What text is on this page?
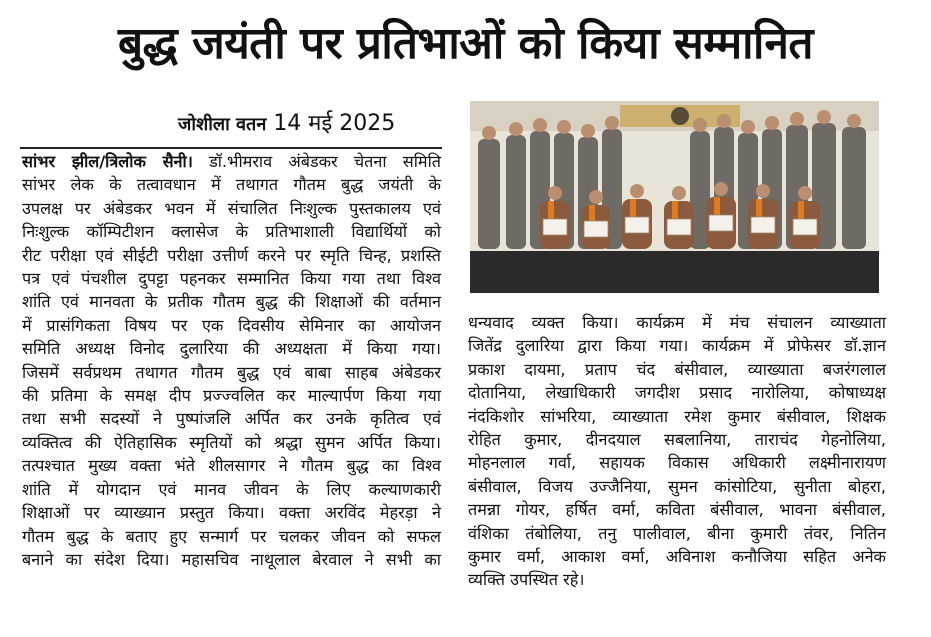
बुद्ध जयंती पर प्रतिभाओं को किया सम्मानित
जोशीला वतन 14 मई 2025

सांभर झील/त्रिलोक सैनी। डॉ.भीमराव अंबेडकर चेतना समिति

सांभर लेक के तत्वावधान में तथागत गौतम बुद्ध जयंती के

उपलक्ष पर अंबेडकर भवन में संचालित निःशुल्क पुस्तकालय एवं

निःशुल्क कॉम्पिटीशन क्लासेज के प्रतिभाशाली विद्यार्थियों को

रीट परीक्षा एवं सीईटी परीक्षा उत्तीर्ण करने पर स्मृति चिन्ह, प्रशस्ति

पत्र एवं पंचशील दुपट्टा पहनकर सम्मानित किया गया तथा विश्व

शांति एवं मानवता के प्रतीक गौतम बुद्ध की शिक्षाओं की वर्तमान

में प्रासंगिकता विषय पर एक दिवसीय सेमिनार का आयोजन

समिति अध्यक्ष विनोद दुलारिया की अध्यक्षता में किया गया।

जिसमें सर्वप्रथम तथागत गौतम बुद्ध एवं बाबा साहब अंबेडकर

की प्रतिमा के समक्ष दीप प्रज्ज्वलित कर माल्यार्पण किया गया

तथा सभी सदस्यों ने पुष्पांजलि अर्पित कर उनके कृतित्व एवं

व्यक्तित्व की ऐतिहासिक स्मृतियों को श्रद्धा सुमन अर्पित किया।

तत्पश्चात मुख्य वक्ता भंते शीलसागर ने गौतम बुद्ध का विश्व

शांति में योगदान एवं मानव जीवन के लिए कल्याणकारी

शिक्षाओं पर व्याख्यान प्रस्तुत किया। वक्ता अरविंद मेहरड़ा ने

गौतम बुद्ध के बताए हुए सन्मार्ग पर चलकर जीवन को सफल

बनाने का संदेश दिया। महासचिव नाथूलाल बेरवाल ने सभी का

धन्यवाद व्यक्त किया। कार्यक्रम में मंच संचालन व्याख्याता

जितेंद्र दुलारिया द्वारा किया गया। कार्यक्रम में प्रोफेसर डॉ.ज्ञान

प्रकाश दायमा, प्रताप चंद बंसीवाल, व्याख्याता बजरंगलाल

दोतानिया, लेखाधिकारी जगदीश प्रसाद नारोलिया, कोषाध्यक्ष

नंदकिशोर सांभरिया, व्याख्याता रमेश कुमार बंसीवाल, शिक्षक

रोहित कुमार, दीनदयाल सबलानिया, ताराचंद गेहनोलिया,

मोहनलाल गर्वा, सहायक विकास अधिकारी लक्ष्मीनारायण

बंसीवाल, विजय उज्जैनिया, सुमन कांसोटिया, सुनीता बोहरा,

तमन्ना गोयर, हर्षित वर्मा, कविता बंसीवाल, भावना बंसीवाल,

वंशिका तंबोलिया, तनु पालीवाल, बीना कुमारी तंवर, नितिन

कुमार वर्मा, आकाश वर्मा, अविनाश कनौजिया सहित अनेक

व्यक्ति उपस्थित रहे।
